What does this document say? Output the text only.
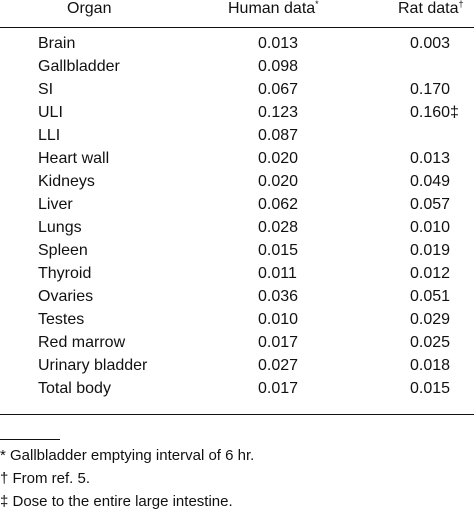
Organ	Human data*	Rat data†
Brain	0.013	0.003
Gallbladder	0.098
SI	0.067	0.170
ULI	0.123	0.160‡
LLI	0.087
Heart wall	0.020	0.013
Kidneys	0.020	0.049
Liver	0.062	0.057
Lungs	0.028	0.010
Spleen	0.015	0.019
Thyroid	0.011	0.012
Ovaries	0.036	0.051
Testes	0.010	0.029
Red marrow	0.017	0.025
Urinary bladder	0.027	0.018
Total body	0.017	0.015
* Gallbladder emptying interval of 6 hr.
† From ref. 5.
‡ Dose to the entire large intestine.
